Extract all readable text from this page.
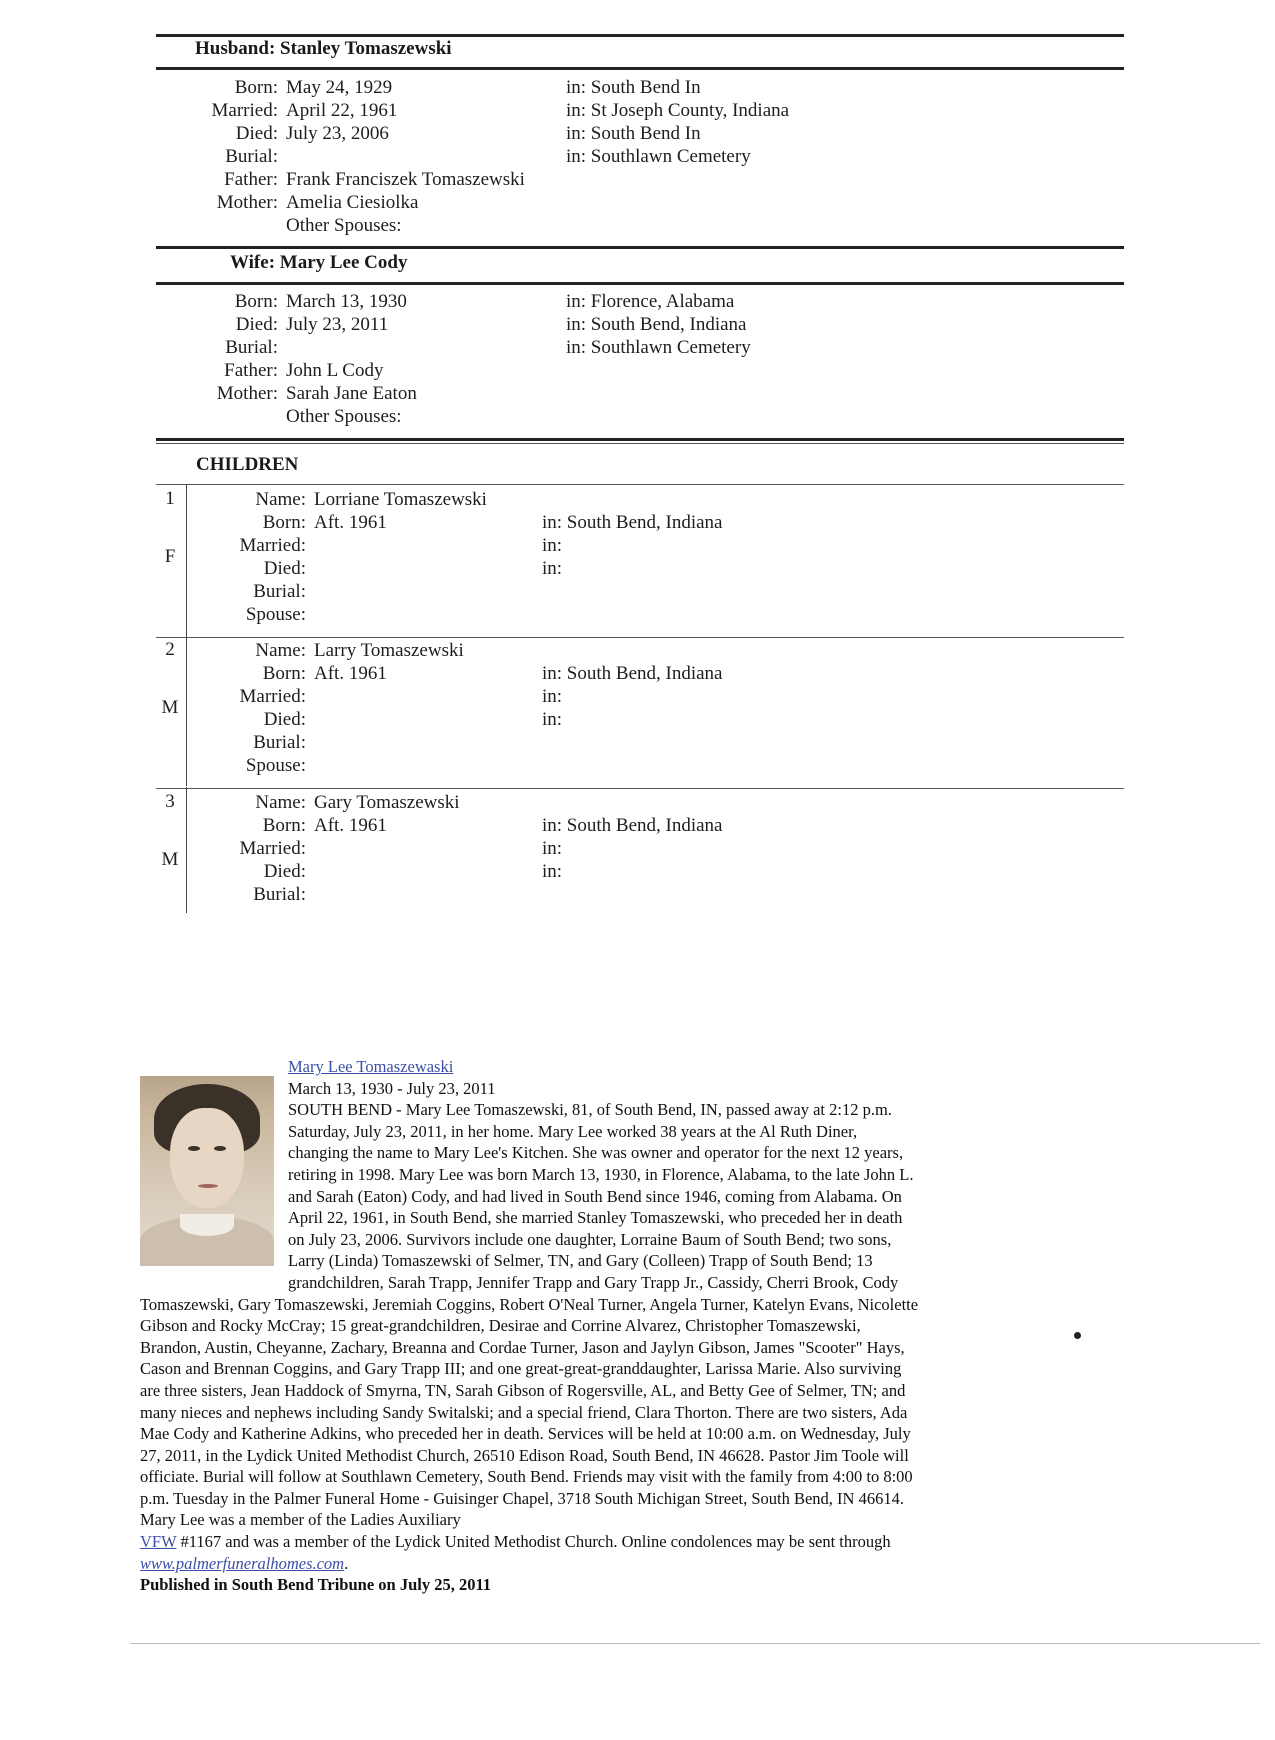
Husband: Stanley Tomaszewski
Born: May 24, 1929	in: South Bend In
Married: April 22, 1961	in: St Joseph County, Indiana
Died: July 23, 2006	in: South Bend In
Burial:	in: Southlawn Cemetery
Father: Frank Franciszek Tomaszewski
Mother: Amelia Ciesiolka
Other Spouses:
Wife: Mary Lee Cody
Born: March 13, 1930	in: Florence, Alabama
Died: July 23, 2011	in: South Bend, Indiana
Burial:	in: Southlawn Cemetery
Father: John L Cody
Mother: Sarah Jane Eaton
Other Spouses:
CHILDREN
1
F
Name: Lorriane Tomaszewski
Born: Aft. 1961	in: South Bend, Indiana
Married:	in:
Died:	in:
Burial:
Spouse:
2
M
Name: Larry Tomaszewski
Born: Aft. 1961	in: South Bend, Indiana
Married:	in:
Died:	in:
Burial:
Spouse:
3
M
Name: Gary Tomaszewski
Born: Aft. 1961	in: South Bend, Indiana
Married:	in:
Died:	in:
Burial:
Mary Lee Tomaszewaski
March 13, 1930 - July 23, 2011
SOUTH BEND - Mary Lee Tomaszewski, 81, of South Bend, IN, passed away at 2:12 p.m. Saturday, July 23, 2011, in her home. Mary Lee worked 38 years at the Al Ruth Diner, changing the name to Mary Lee's Kitchen. She was owner and operator for the next 12 years, retiring in 1998. Mary Lee was born March 13, 1930, in Florence, Alabama, to the late John L. and Sarah (Eaton) Cody, and had lived in South Bend since 1946, coming from Alabama. On April 22, 1961, in South Bend, she married Stanley Tomaszewski, who preceded her in death on July 23, 2006. Survivors include one daughter, Lorraine Baum of South Bend; two sons, Larry (Linda) Tomaszewski of Selmer, TN, and Gary (Colleen) Trapp of South Bend; 13 grandchildren, Sarah Trapp, Jennifer Trapp and Gary Trapp Jr., Cassidy, Cherri Brook, Cody Tomaszewski, Gary Tomaszewski, Jeremiah Coggins, Robert O'Neal Turner, Angela Turner, Katelyn Evans, Nicolette Gibson and Rocky McCray; 15 great-grandchildren, Desirae and Corrine Alvarez, Christopher Tomaszewski, Brandon, Austin, Cheyanne, Zachary, Breanna and Cordae Turner, Jason and Jaylyn Gibson, James "Scooter" Hays, Cason and Brennan Coggins, and Gary Trapp III; and one great-great-granddaughter, Larissa Marie. Also surviving are three sisters, Jean Haddock of Smyrna, TN, Sarah Gibson of Rogersville, AL, and Betty Gee of Selmer, TN; and many nieces and nephews including Sandy Switalski; and a special friend, Clara Thorton. There are two sisters, Ada Mae Cody and Katherine Adkins, who preceded her in death. Services will be held at 10:00 a.m. on Wednesday, July 27, 2011, in the Lydick United Methodist Church, 26510 Edison Road, South Bend, IN 46628. Pastor Jim Toole will officiate. Burial will follow at Southlawn Cemetery, South Bend. Friends may visit with the family from 4:00 to 8:00 p.m. Tuesday in the Palmer Funeral Home - Guisinger Chapel, 3718 South Michigan Street, South Bend, IN 46614. Mary Lee was a member of the Ladies Auxiliary
VFW #1167 and was a member of the Lydick United Methodist Church. Online condolences may be sent through www.palmerfuneralhomes.com.
Published in South Bend Tribune on July 25, 2011
